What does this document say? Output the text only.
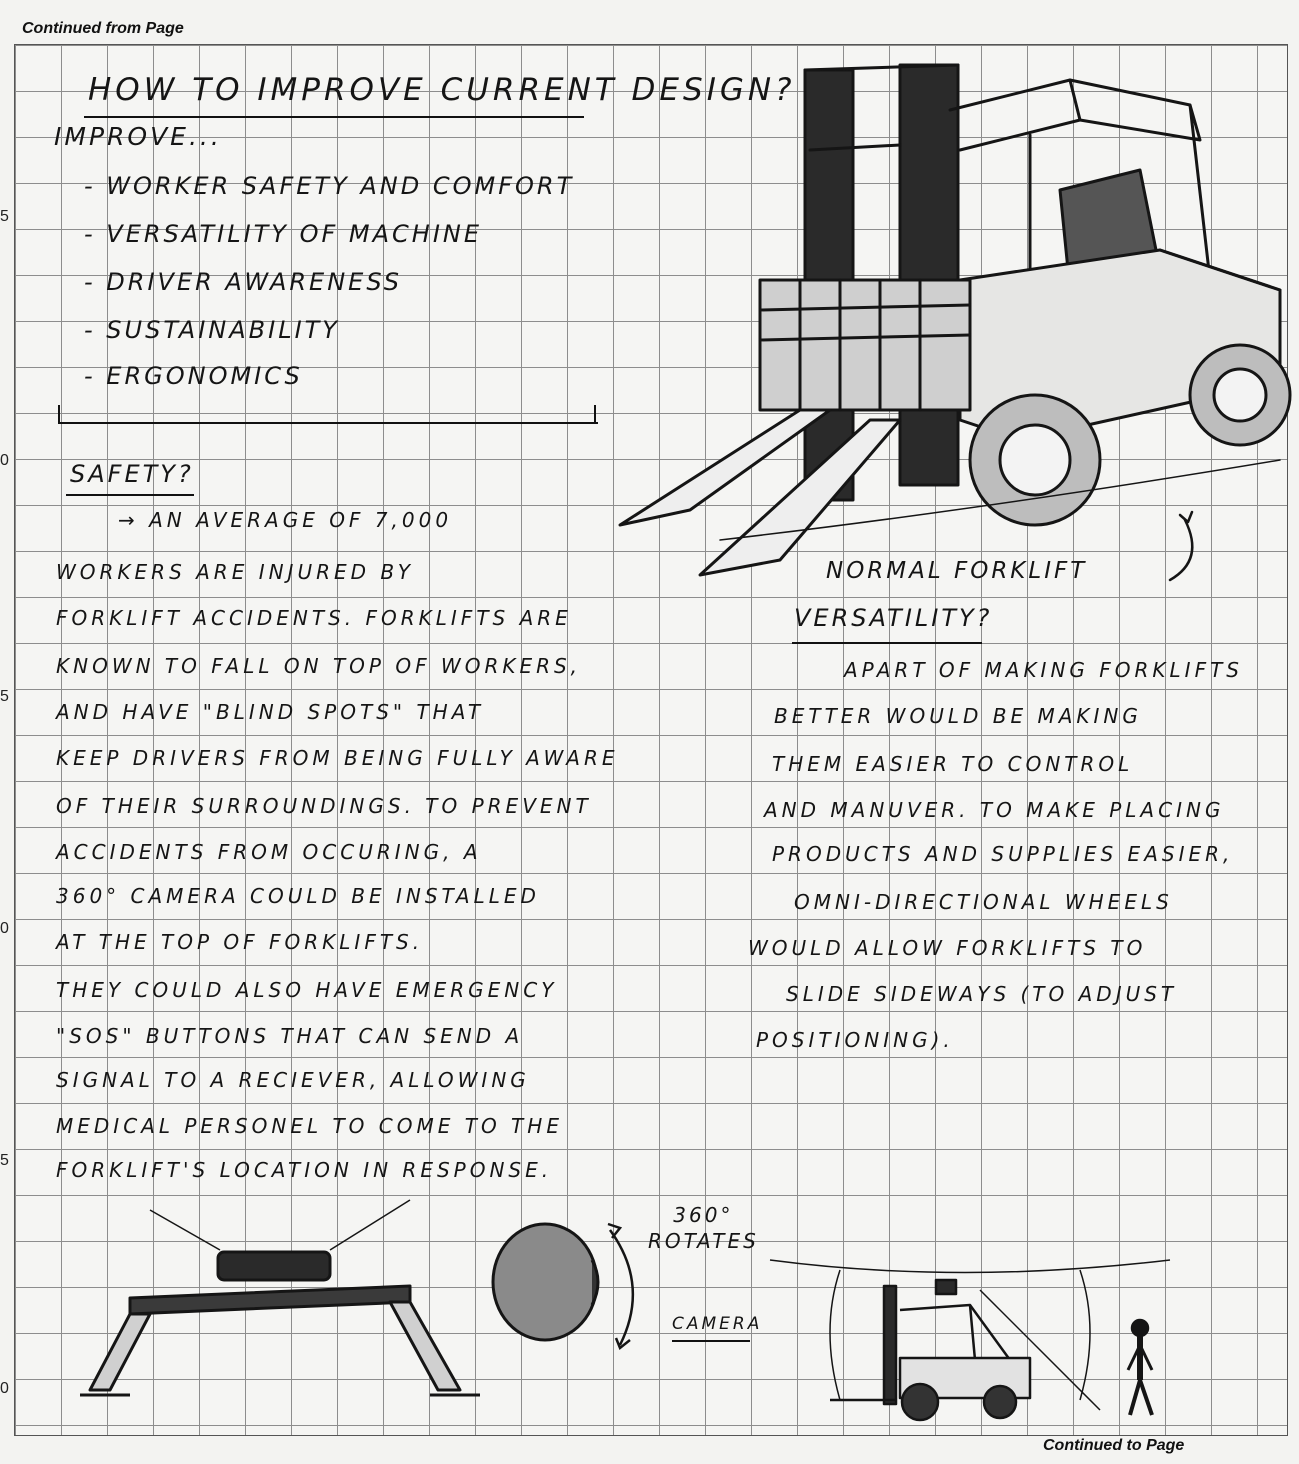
Continued from Page
5
0
5
0
5
0
HOW TO IMPROVE CURRENT DESIGN?
IMPROVE...
- WORKER SAFETY AND COMFORT
- VERSATILITY OF MACHINE
- DRIVER AWARENESS
- SUSTAINABILITY
- ERGONOMICS
SAFETY?
→ AN AVERAGE OF 7,000
WORKERS ARE INJURED BY
FORKLIFT ACCIDENTS. FORKLIFTS ARE
KNOWN TO FALL ON TOP OF WORKERS,
AND HAVE "BLIND SPOTS" THAT
KEEP DRIVERS FROM BEING FULLY AWARE
OF THEIR SURROUNDINGS. TO PREVENT
ACCIDENTS FROM OCCURING, A
360° CAMERA COULD BE INSTALLED
AT THE TOP OF FORKLIFTS.
THEY COULD ALSO HAVE EMERGENCY
"SOS" BUTTONS THAT CAN SEND A
SIGNAL TO A RECIEVER, ALLOWING
MEDICAL PERSONEL TO COME TO THE
FORKLIFT'S LOCATION IN RESPONSE.
NORMAL FORKLIFT
VERSATILITY?
APART OF MAKING FORKLIFTS
BETTER WOULD BE MAKING
THEM EASIER TO CONTROL
AND MANUVER. TO MAKE PLACING
PRODUCTS AND SUPPLIES EASIER,
OMNI-DIRECTIONAL WHEELS
WOULD ALLOW FORKLIFTS TO
SLIDE SIDEWAYS (TO ADJUST
POSITIONING).
360°
ROTATES
CAMERA
Continued to Page
